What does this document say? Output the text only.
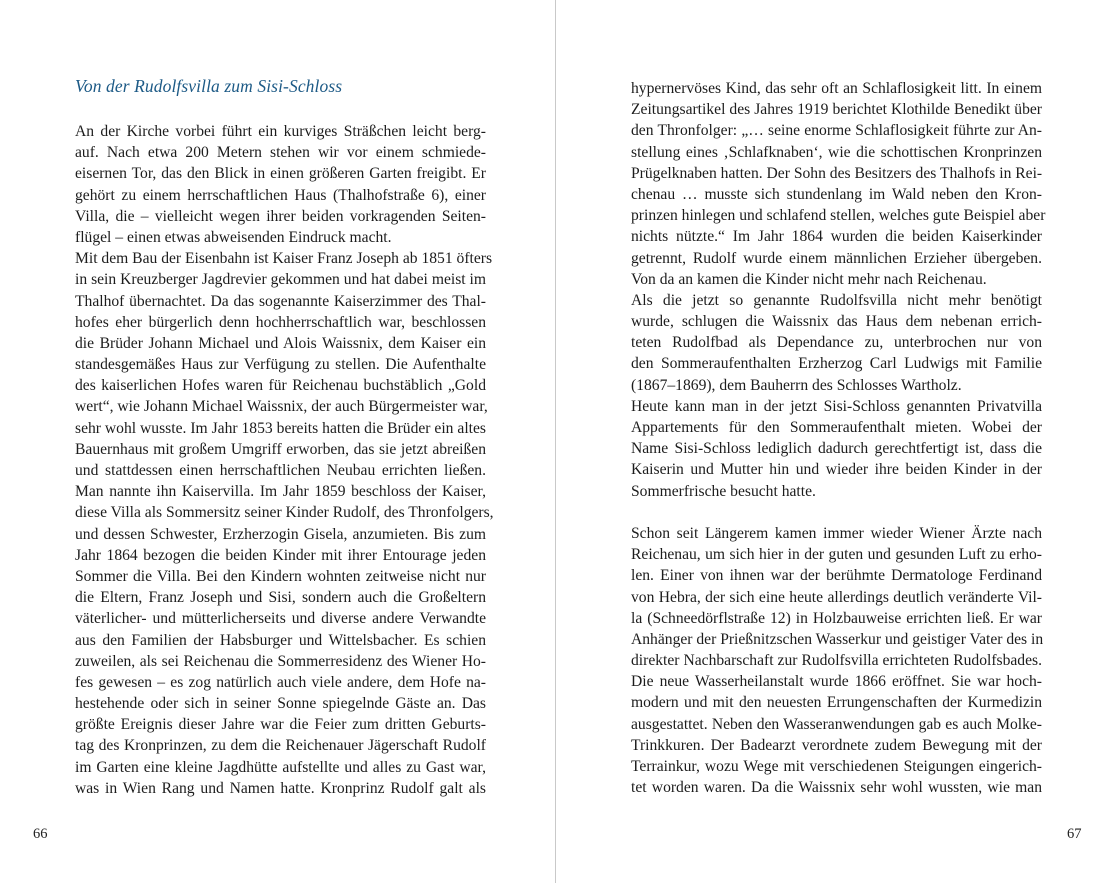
Von der Rudolfsvilla zum Sisi-Schloss
An der Kirche vorbei führt ein kurviges Sträßchen leicht berg-
auf. Nach etwa 200 Metern stehen wir vor einem schmiede-
eisernen Tor, das den Blick in einen größeren Garten freigibt. Er
gehört zu einem herrschaftlichen Haus (Thalhofstraße 6), einer
Villa, die – vielleicht wegen ihrer beiden vorkragenden Seiten-
flügel – einen etwas abweisenden Eindruck macht.
Mit dem Bau der Eisenbahn ist Kaiser Franz Joseph ab 1851 öfters
in sein Kreuzberger Jagdrevier gekommen und hat dabei meist im
Thalhof übernachtet. Da das sogenannte Kaiserzimmer des Thal-
hofes eher bürgerlich denn hochherrschaftlich war, beschlossen
die Brüder Johann Michael und Alois Waissnix, dem Kaiser ein
standesgemäßes Haus zur Verfügung zu stellen. Die Aufenthalte
des kaiserlichen Hofes waren für Reichenau buchstäblich „Gold
wert“, wie Johann Michael Waissnix, der auch Bürgermeister war,
sehr wohl wusste. Im Jahr 1853 bereits hatten die Brüder ein altes
Bauernhaus mit großem Umgriff erworben, das sie jetzt abreißen
und stattdessen einen herrschaftlichen Neubau errichten ließen.
Man nannte ihn Kaiservilla. Im Jahr 1859 beschloss der Kaiser,
diese Villa als Sommersitz seiner Kinder Rudolf, des Thronfolgers,
und dessen Schwester, Erzherzogin Gisela, anzumieten. Bis zum
Jahr 1864 bezogen die beiden Kinder mit ihrer Entourage jeden
Sommer die Villa. Bei den Kindern wohnten zeitweise nicht nur
die Eltern, Franz Joseph und Sisi, sondern auch die Großeltern
väterlicher- und mütterlicherseits und diverse andere Verwandte
aus den Familien der Habsburger und Wittelsbacher. Es schien
zuweilen, als sei Reichenau die Sommerresidenz des Wiener Ho-
fes gewesen – es zog natürlich auch viele andere, dem Hofe na-
hestehende oder sich in seiner Sonne spiegelnde Gäste an. Das
größte Ereignis dieser Jahre war die Feier zum dritten Geburts-
tag des Kronprinzen, zu dem die Reichenauer Jägerschaft Rudolf
im Garten eine kleine Jagdhütte aufstellte und alles zu Gast war,
was in Wien Rang und Namen hatte. Kronprinz Rudolf galt als
66
hypernervöses Kind, das sehr oft an Schlaflosigkeit litt. In einem
Zeitungsartikel des Jahres 1919 berichtet Klothilde Benedikt über
den Thronfolger: „… seine enorme Schlaflosigkeit führte zur An-
stellung eines ‚Schlafknaben‘, wie die schottischen Kronprinzen
Prügelknaben hatten. Der Sohn des Besitzers des Thalhofs in Rei-
chenau … musste sich stundenlang im Wald neben den Kron-
prinzen hinlegen und schlafend stellen, welches gute Beispiel aber
nichts nützte.“ Im Jahr 1864 wurden die beiden Kaiserkinder
getrennt, Rudolf wurde einem männlichen Erzieher übergeben.
Von da an kamen die Kinder nicht mehr nach Reichenau.
Als die jetzt so genannte Rudolfsvilla nicht mehr benötigt
wurde, schlugen die Waissnix das Haus dem nebenan errich-
teten Rudolfbad als Dependance zu, unterbrochen nur von
den Sommeraufenthalten Erzherzog Carl Ludwigs mit Familie
(1867–1869), dem Bauherrn des Schlosses Wartholz.
Heute kann man in der jetzt Sisi-Schloss genannten Privatvilla
Appartements für den Sommeraufenthalt mieten. Wobei der
Name Sisi-Schloss lediglich dadurch gerechtfertigt ist, dass die
Kaiserin und Mutter hin und wieder ihre beiden Kinder in der
Sommerfrische besucht hatte.
Schon seit Längerem kamen immer wieder Wiener Ärzte nach
Reichenau, um sich hier in der guten und gesunden Luft zu erho-
len. Einer von ihnen war der berühmte Dermatologe Ferdinand
von Hebra, der sich eine heute allerdings deutlich veränderte Vil-
la (Schneedörflstraße 12) in Holzbauweise errichten ließ. Er war
Anhänger der Prießnitzschen Wasserkur und geistiger Vater des in
direkter Nachbarschaft zur Rudolfsvilla errichteten Rudolfsbades.
Die neue Wasserheilanstalt wurde 1866 eröffnet. Sie war hoch-
modern und mit den neuesten Errungenschaften der Kurmedizin
ausgestattet. Neben den Wasseranwendungen gab es auch Molke-
Trinkkuren. Der Badearzt verordnete zudem Bewegung mit der
Terrainkur, wozu Wege mit verschiedenen Steigungen eingerich-
tet worden waren. Da die Waissnix sehr wohl wussten, wie man
67
